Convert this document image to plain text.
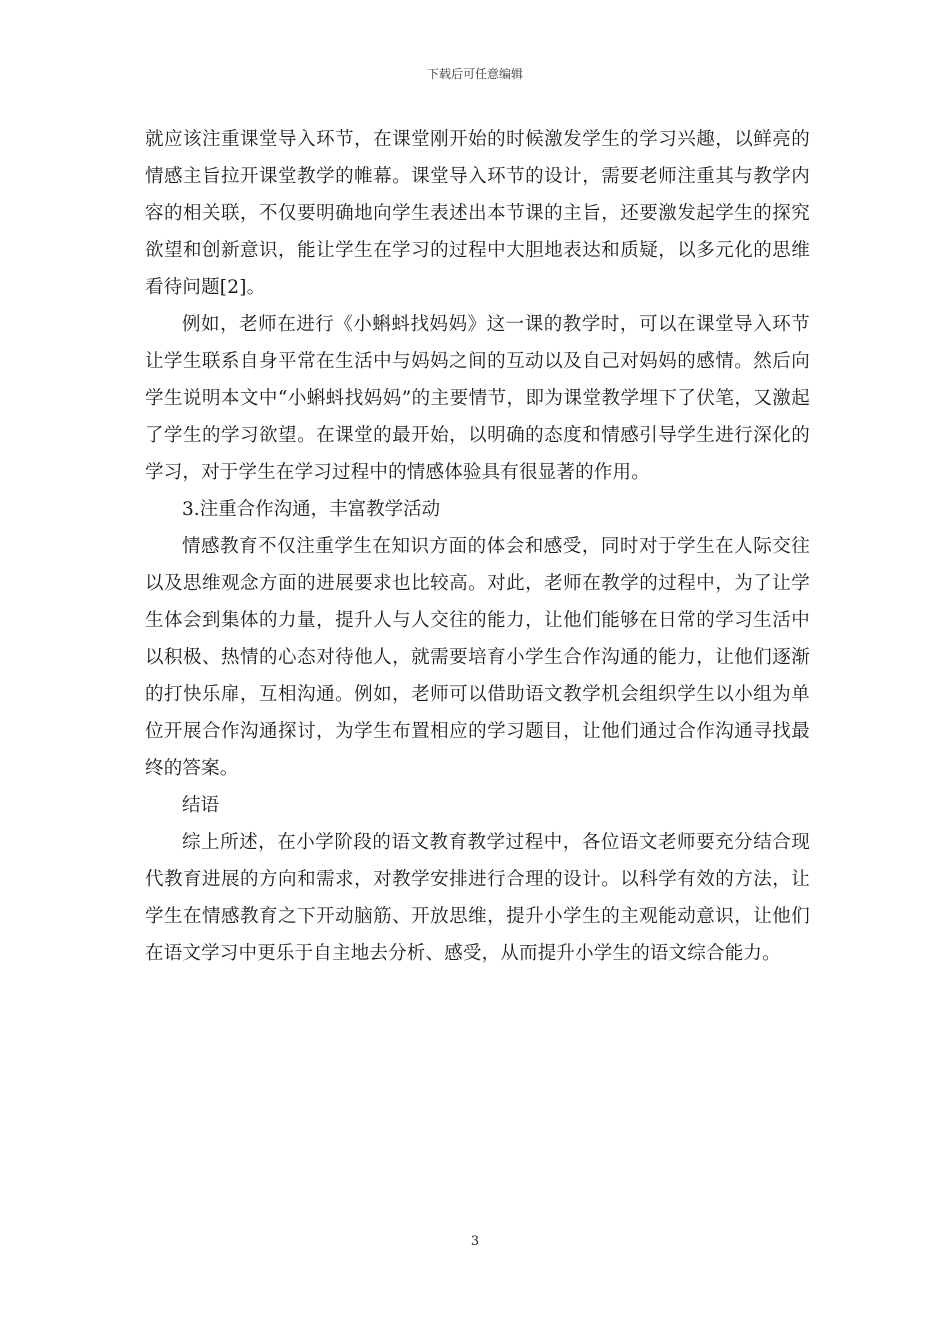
下载后可任意编辑

就应该注重课堂导入环节，在课堂刚开始的时候激发学生的学习兴趣，以鲜亮的情感主旨拉开课堂教学的帷幕。课堂导入环节的设计，需要老师注重其与教学内容的相关联，不仅要明确地向学生表述出本节课的主旨，还要激发起学生的探究欲望和创新意识，能让学生在学习的过程中大胆地表达和质疑，以多元化的思维看待问题[2]。

例如，老师在进行《小蝌蚪找妈妈》这一课的教学时，可以在课堂导入环节让学生联系自身平常在生活中与妈妈之间的互动以及自己对妈妈的感情。然后向学生说明本文中“小蝌蚪找妈妈”的主要情节，即为课堂教学埋下了伏笔，又激起了学生的学习欲望。在课堂的最开始，以明确的态度和情感引导学生进行深化的学习，对于学生在学习过程中的情感体验具有很显著的作用。

3.注重合作沟通，丰富教学活动

情感教育不仅注重学生在知识方面的体会和感受，同时对于学生在人际交往以及思维观念方面的进展要求也比较高。对此，老师在教学的过程中，为了让学生体会到集体的力量，提升人与人交往的能力，让他们能够在日常的学习生活中以积极、热情的心态对待他人，就需要培育小学生合作沟通的能力，让他们逐渐的打快乐扉，互相沟通。例如，老师可以借助语文教学机会组织学生以小组为单位开展合作沟通探讨，为学生布置相应的学习题目，让他们通过合作沟通寻找最终的答案。

结语

综上所述，在小学阶段的语文教育教学过程中，各位语文老师要充分结合现代教育进展的方向和需求，对教学安排进行合理的设计。以科学有效的方法，让学生在情感教育之下开动脑筋、开放思维，提升小学生的主观能动意识，让他们在语文学习中更乐于自主地去分析、感受，从而提升小学生的语文综合能力。

3
